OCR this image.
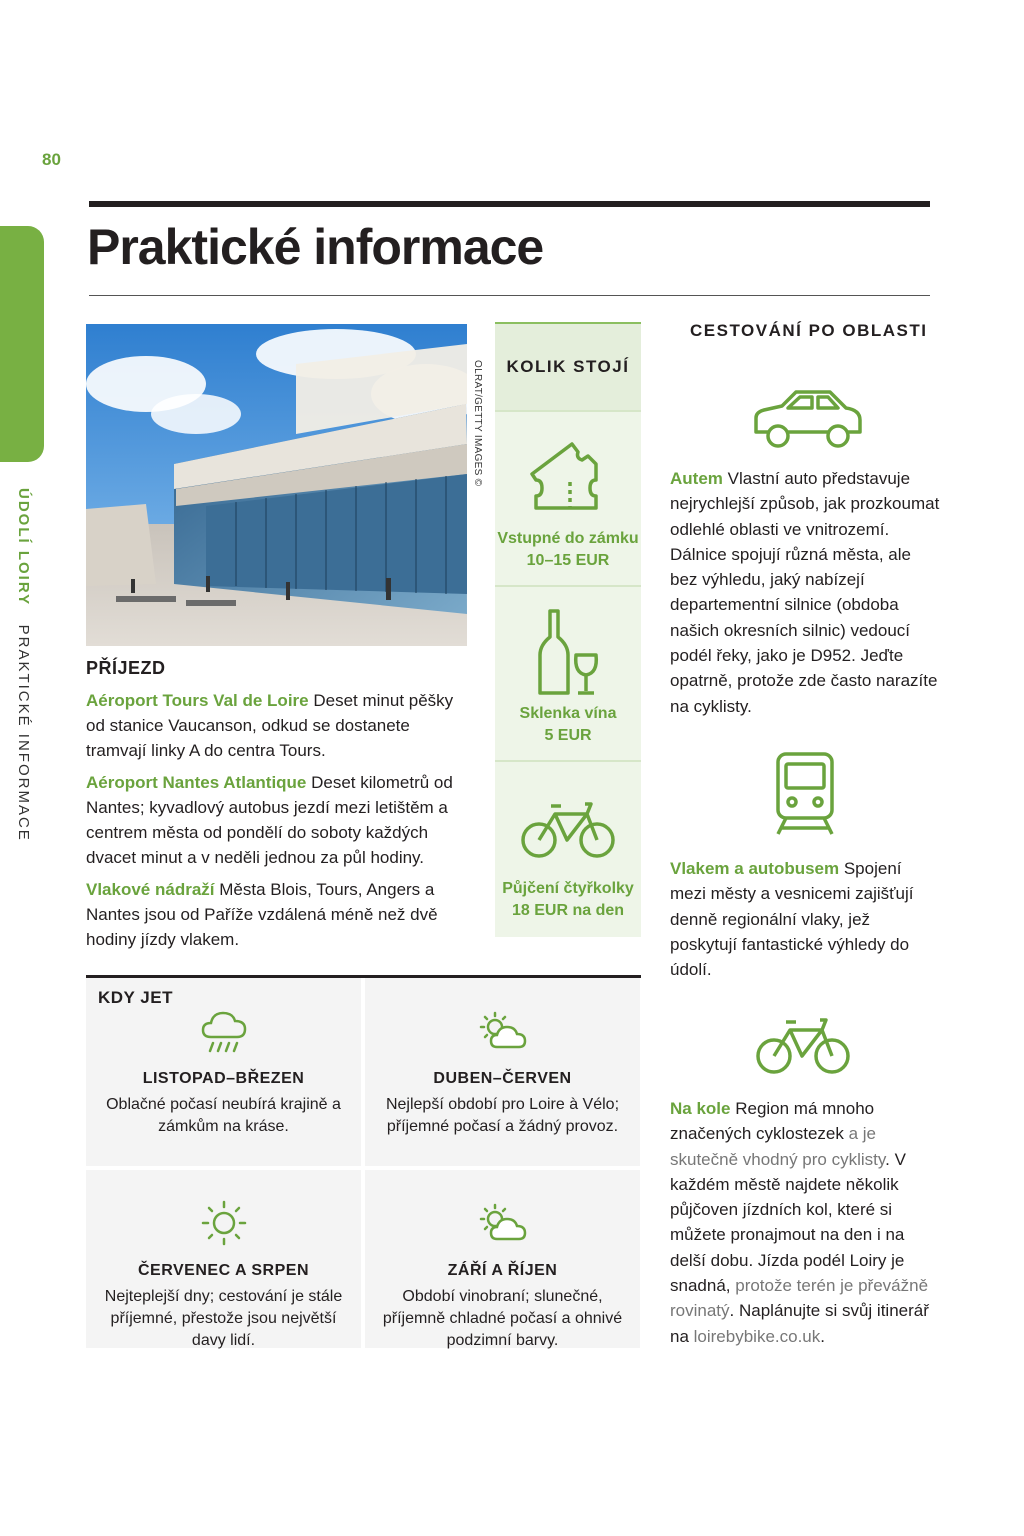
80
ÚDOLÍ LOIRY   PRAKTICKÉ INFORMACE
Praktické informace
OLRAT/GETTY IMAGES ©
PŘÍJEZD

Aéroport Tours Val de Loire Deset minut pěšky od stanice Vaucanson, odkud se dostanete tramvají linky A do centra Tours.

Aéroport Nantes Atlantique Deset kilometrů od Nantes; kyvadlový autobus jezdí mezi letištěm a centrem města od pondělí do soboty každých dvacet minut a v neděli jednou za půl hodiny.

Vlakové nádraží Města Blois, Tours, Angers a Nantes jsou od Paříže vzdálená méně než dvě hodiny jízdy vlakem.

KOLIK STOJÍ
Vstupné do zámku
10–15 EUR
Sklenka vína
5 EUR
Půjčení čtyřkolky
18 EUR na den
KDY JET
LISTOPAD–BŘEZEN
Oblačné počasí neubírá krajině a zámkům na kráse.
DUBEN–ČERVEN
Nejlepší období pro Loire à Vélo; příjemné počasí a žádný provoz.
ČERVENEC A SRPEN
Nejteplejší dny; cestování je stále příjemné, přestože jsou největší davy lidí.
ZÁŘÍ A ŘÍJEN
Období vinobraní; slunečné, příjemně chladné počasí a ohnivé podzimní barvy.
CESTOVÁNÍ PO OBLASTI
Autem Vlastní auto představuje nejrychlejší způsob, jak prozkoumat odlehlé oblasti ve vnitrozemí. Dálnice spojují různá města, ale bez výhledu, jaký nabízejí departementní silnice (obdoba našich okresních silnic) vedoucí podél řeky, jako je D952. Jeďte opatrně, protože zde často narazíte na cyklisty.
Vlakem a autobusem Spojení mezi městy a vesnicemi zajišťují denně regionální vlaky, jež poskytují fantastické výhledy do údolí.
Na kole Region má mnoho značených cyklostezek a je skutečně vhodný pro cyklisty. V každém městě najdete několik půjčoven jízdních kol, které si můžete pronajmout na den i na delší dobu. Jízda podél Loiry je snadná, protože terén je převážně rovinatý. Naplánujte si svůj itinerář na loirebybike.co.uk.
